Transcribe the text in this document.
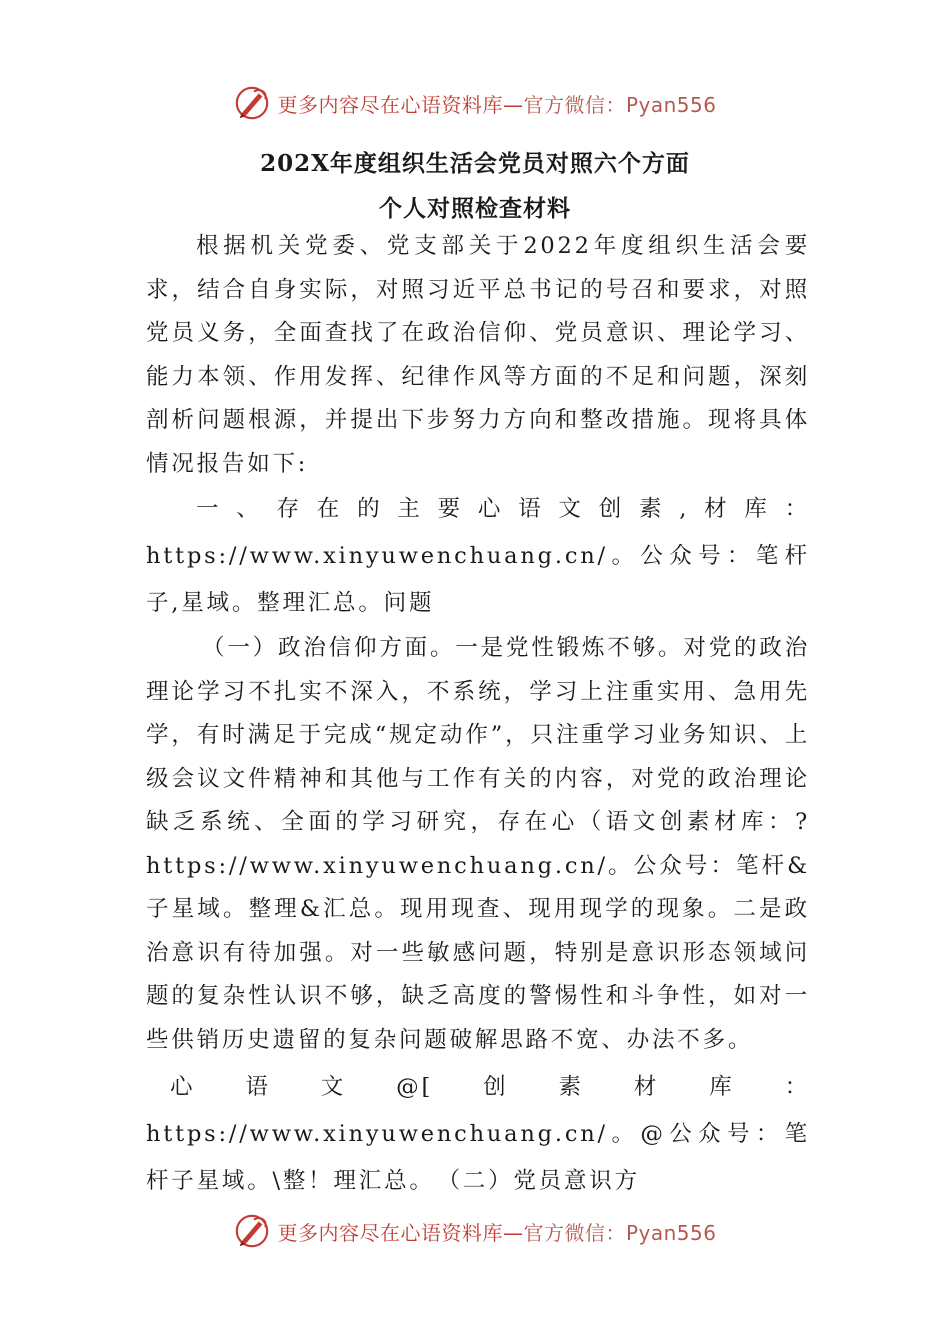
更多内容尽在心语资料库—官方微信：Pyan556
202X年度组织生活会党员对照六个方面
个人对照检查材料

根据机关党委、党支部关于2022年度组织生活会要求，结合自身实际，对照习近平总书记的号召和要求，对照党员义务，全面查找了在政治信仰、党员意识、理论学习、能力本领、作用发挥、纪律作风等方面的不足和问题，深刻剖析问题根源，并提出下步努力方向和整改措施。现将具体情况报告如下:

一、存在的主要心语文创素,材库：https://www.xinyuwenchuang.cn/。公众号：笔杆子,星域。整理汇总。问题

（一）政治信仰方面。一是党性锻炼不够。对党的政治理论学习不扎实不深入，不系统，学习上注重实用、急用先学，有时满足于完成“规定动作”，只注重学习业务知识、上级会议文件精神和其他与工作有关的内容，对党的政治理论缺乏系统、全面的学习研究，存在心（语文创素材库：?https://www.xinyuwenchuang.cn/。公众号：笔杆&子星域。整理&汇总。现用现查、现用现学的现象。二是政治意识有待加强。对一些敏感问题，特别是意识形态领域问题的复杂性认识不够，缺乏高度的警惕性和斗争性，如对一些供销历史遗留的复杂问题破解思路不宽、办法不多。

心语文@[创素材库：https://www.xinyuwenchuang.cn/。@公众号：笔杆子星域。\整！理汇总。　（二）党员意识方

更多内容尽在心语资料库—官方微信：Pyan556
